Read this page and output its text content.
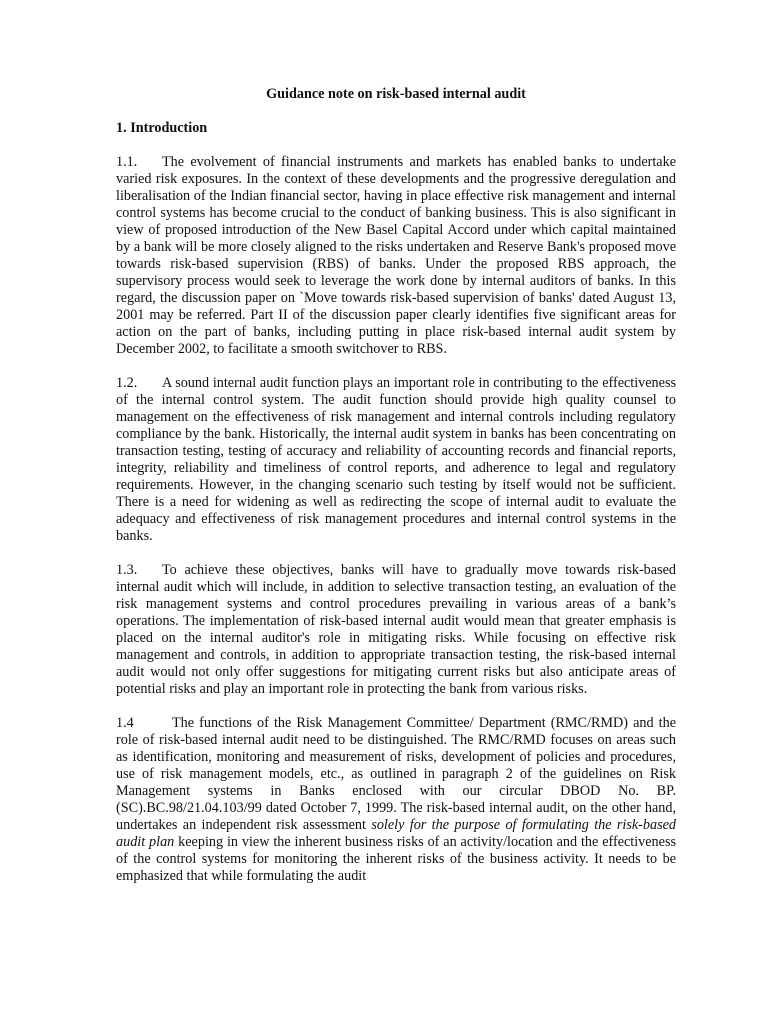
Guidance note on risk-based internal audit

1. Introduction

1.1. The evolvement of financial instruments and markets has enabled banks to undertake varied risk exposures. In the context of these developments and the progressive deregulation and liberalisation of the Indian financial sector, having in place effective risk management and internal control systems has become crucial to the conduct of banking business. This is also significant in view of proposed introduction of the New Basel Capital Accord under which capital maintained by a bank will be more closely aligned to the risks undertaken and Reserve Bank's proposed move towards risk-based supervision (RBS) of banks. Under the proposed RBS approach, the supervisory process would seek to leverage the work done by internal auditors of banks. In this regard, the discussion paper on `Move towards risk-based supervision of banks' dated August 13, 2001 may be referred. Part II of the discussion paper clearly identifies five significant areas for action on the part of banks, including putting in place risk-based internal audit system by December 2002, to facilitate a smooth switchover to RBS.

1.2. A sound internal audit function plays an important role in contributing to the effectiveness of the internal control system. The audit function should provide high quality counsel to management on the effectiveness of risk management and internal controls including regulatory compliance by the bank. Historically, the internal audit system in banks has been concentrating on transaction testing, testing of accuracy and reliability of accounting records and financial reports, integrity, reliability and timeliness of control reports, and adherence to legal and regulatory requirements. However, in the changing scenario such testing by itself would not be sufficient. There is a need for widening as well as redirecting the scope of internal audit to evaluate the adequacy and effectiveness of risk management procedures and internal control systems in the banks.

1.3. To achieve these objectives, banks will have to gradually move towards risk-based internal audit which will include, in addition to selective transaction testing, an evaluation of the risk management systems and control procedures prevailing in various areas of a bank’s operations. The implementation of risk-based internal audit would mean that greater emphasis is placed on the internal auditor's role in mitigating risks. While focusing on effective risk management and controls, in addition to appropriate transaction testing, the risk-based internal audit would not only offer suggestions for mitigating current risks but also anticipate areas of potential risks and play an important role in protecting the bank from various risks.

1.4	The functions of the Risk Management Committee/ Department (RMC/RMD) and the role of risk-based internal audit need to be distinguished. The RMC/RMD focuses on areas such as identification, monitoring and measurement of risks, development of policies and procedures, use of risk management models, etc., as outlined in paragraph 2 of the guidelines on Risk Management systems in Banks enclosed with our circular DBOD No. BP.(SC).BC.98/21.04.103/99 dated October 7, 1999. The risk-based internal audit, on the other hand, undertakes an independent risk assessment solely for the purpose of formulating the risk-based audit plan keeping in view the inherent business risks of an activity/location and the effectiveness of the control systems for monitoring the inherent risks of the business activity. It needs to be emphasized that while formulating the audit
